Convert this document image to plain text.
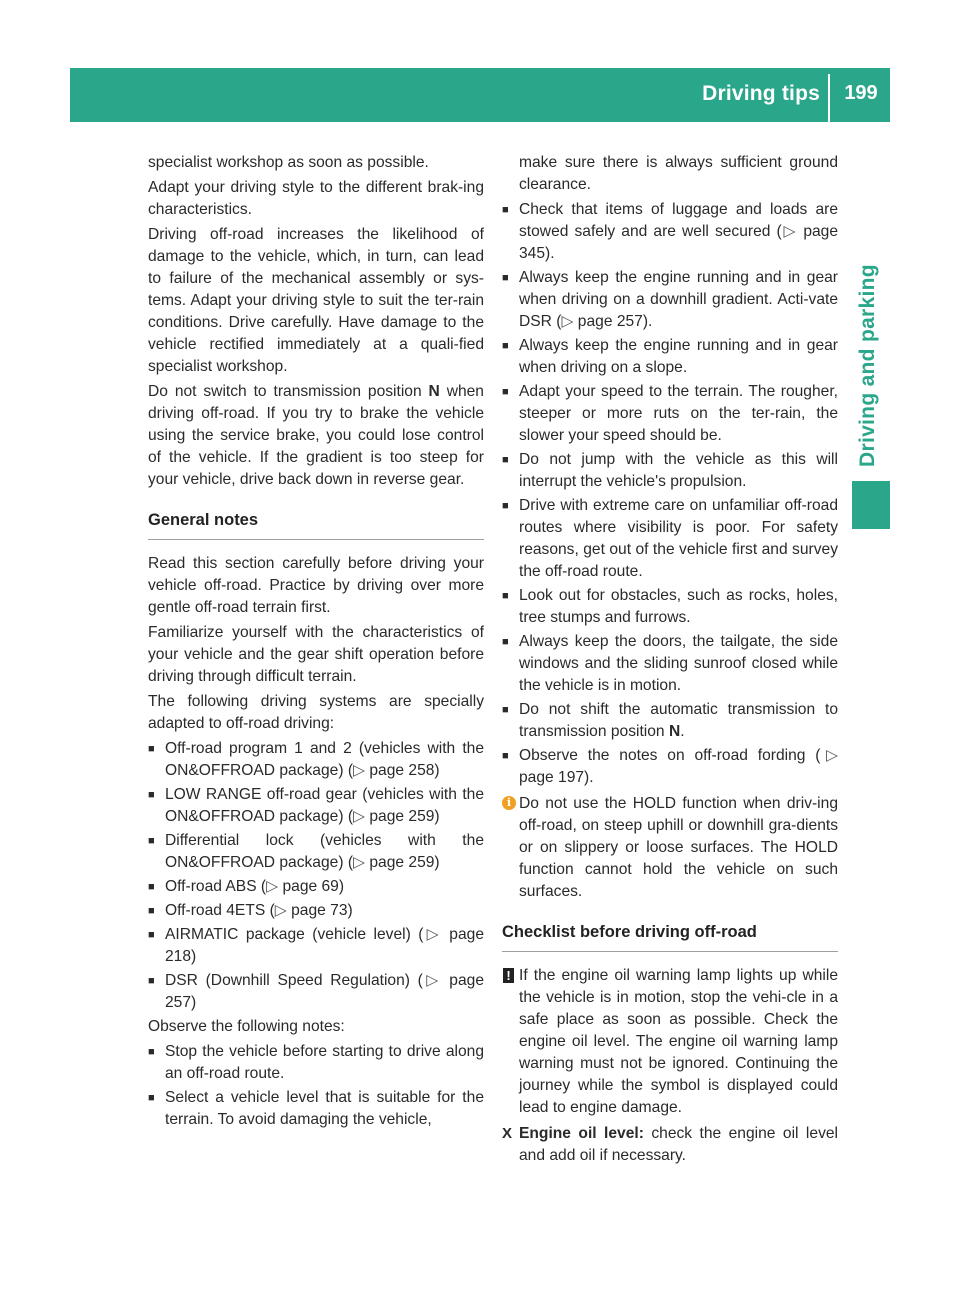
Driving tips	199
Driving and parking

specialist workshop as soon as possible.

Adapt your driving style to the different brak-ing characteristics.

Driving off-road increases the likelihood of damage to the vehicle, which, in turn, can lead to failure of the mechanical assembly or sys-tems. Adapt your driving style to suit the ter-rain conditions. Drive carefully. Have damage to the vehicle rectified immediately at a quali-fied specialist workshop.

Do not switch to transmission position N when driving off-road. If you try to brake the vehicle using the service brake, you could lose control of the vehicle. If the gradient is too steep for your vehicle, drive back down in reverse gear.

General notes

Read this section carefully before driving your vehicle off-road. Practice by driving over more gentle off-road terrain first.

Familiarize yourself with the characteristics of your vehicle and the gear shift operation before driving through difficult terrain.

The following driving systems are specially adapted to off-road driving:

■ Off-road program 1 and 2 (vehicles with the ON&OFFROAD package) (▷ page 258)
■ LOW RANGE off-road gear (vehicles with the ON&OFFROAD package) (▷ page 259)
■ Differential lock (vehicles with the ON&OFFROAD package) (▷ page 259)
■ Off-road ABS (▷ page 69)
■ Off-road 4ETS (▷ page 73)
■ AIRMATIC package (vehicle level) (▷ page 218)
■ DSR (Downhill Speed Regulation) (▷ page 257)

Observe the following notes:

■ Stop the vehicle before starting to drive along an off-road route.
■ Select a vehicle level that is suitable for the terrain. To avoid damaging the vehicle,

make sure there is always sufficient ground clearance.

■ Check that items of luggage and loads are stowed safely and are well secured (▷ page 345).
■ Always keep the engine running and in gear when driving on a downhill gradient. Acti-vate DSR (▷ page 257).
■ Always keep the engine running and in gear when driving on a slope.
■ Adapt your speed to the terrain. The rougher, steeper or more ruts on the ter-rain, the slower your speed should be.
■ Do not jump with the vehicle as this will interrupt the vehicle's propulsion.
■ Drive with extreme care on unfamiliar off-road routes where visibility is poor. For safety reasons, get out of the vehicle first and survey the off-road route.
■ Look out for obstacles, such as rocks, holes, tree stumps and furrows.
■ Always keep the doors, the tailgate, the side windows and the sliding sunroof closed while the vehicle is in motion.
■ Do not shift the automatic transmission to transmission position N.
■ Observe the notes on off-road fording (▷ page 197).
i Do not use the HOLD function when driv-ing off-road, on steep uphill or downhill gra-dients or on slippery or loose surfaces. The HOLD function cannot hold the vehicle on such surfaces.
Checklist before driving off-road
! If the engine oil warning lamp lights up while the vehicle is in motion, stop the vehi-cle in a safe place as soon as possible. Check the engine oil level. The engine oil warning lamp warning must not be ignored. Continuing the journey while the symbol is displayed could lead to engine damage.
X Engine oil level: check the engine oil level and add oil if necessary.
